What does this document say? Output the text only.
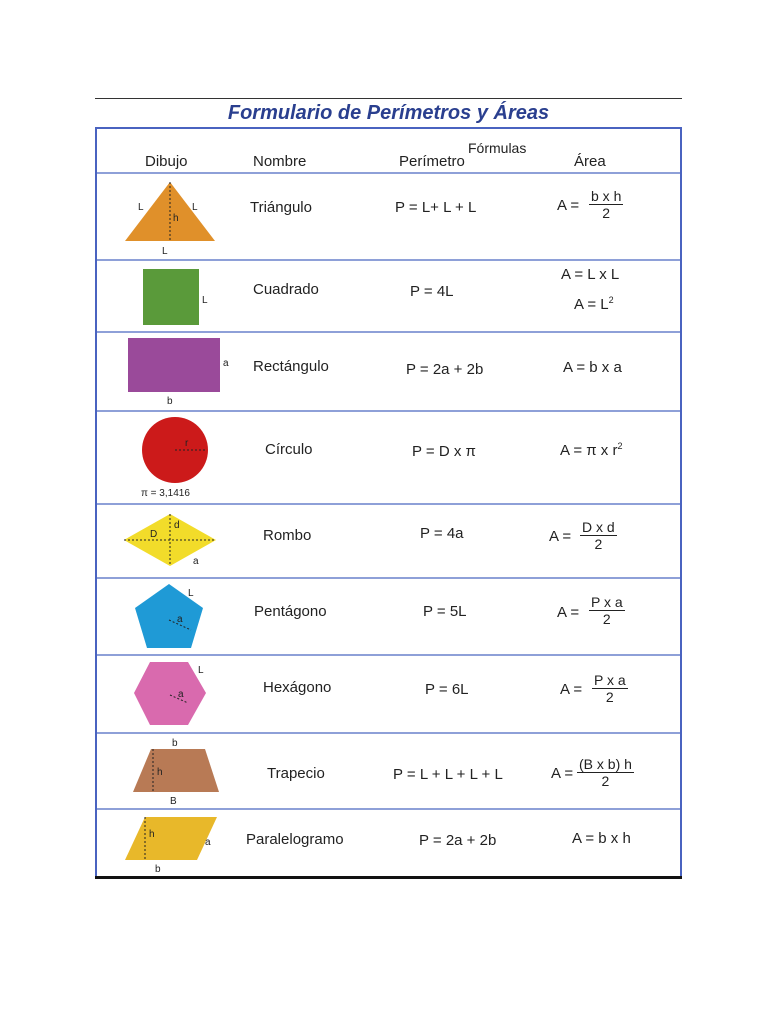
Formulario de Perímetros y Áreas
Dibujo	Nombre
Fórmulas
Perímetro	Área
L	L
h
L
Triángulo	P = L+ L + L	$A = \frac{\text{b x h}}{2}$
L
Cuadrado	P = 4L
A = L x L
$A = L^2$
a
b
Rectángulo	P = 2a + 2b	A = b x a
r
π = 3,1416
Círculo	P = D x π	A = π x $r^2$
d
D
a
Rombo	P = 4a	$A = \frac{\text{D x d}}{2}$
L
a	Pentágono	P = 5L	$A = \frac{\text{P x a}}{2}$
L
a	Hexágono	P = 6L	$A = \frac{\text{P x a}}{2}$
b
h
B
Trapecio	P = L + L + L + L	$A = \frac{\text{(B x b) h}}{2}$
h
a
b
Paralelogramo	P = 2a + 2b	A = b x h
